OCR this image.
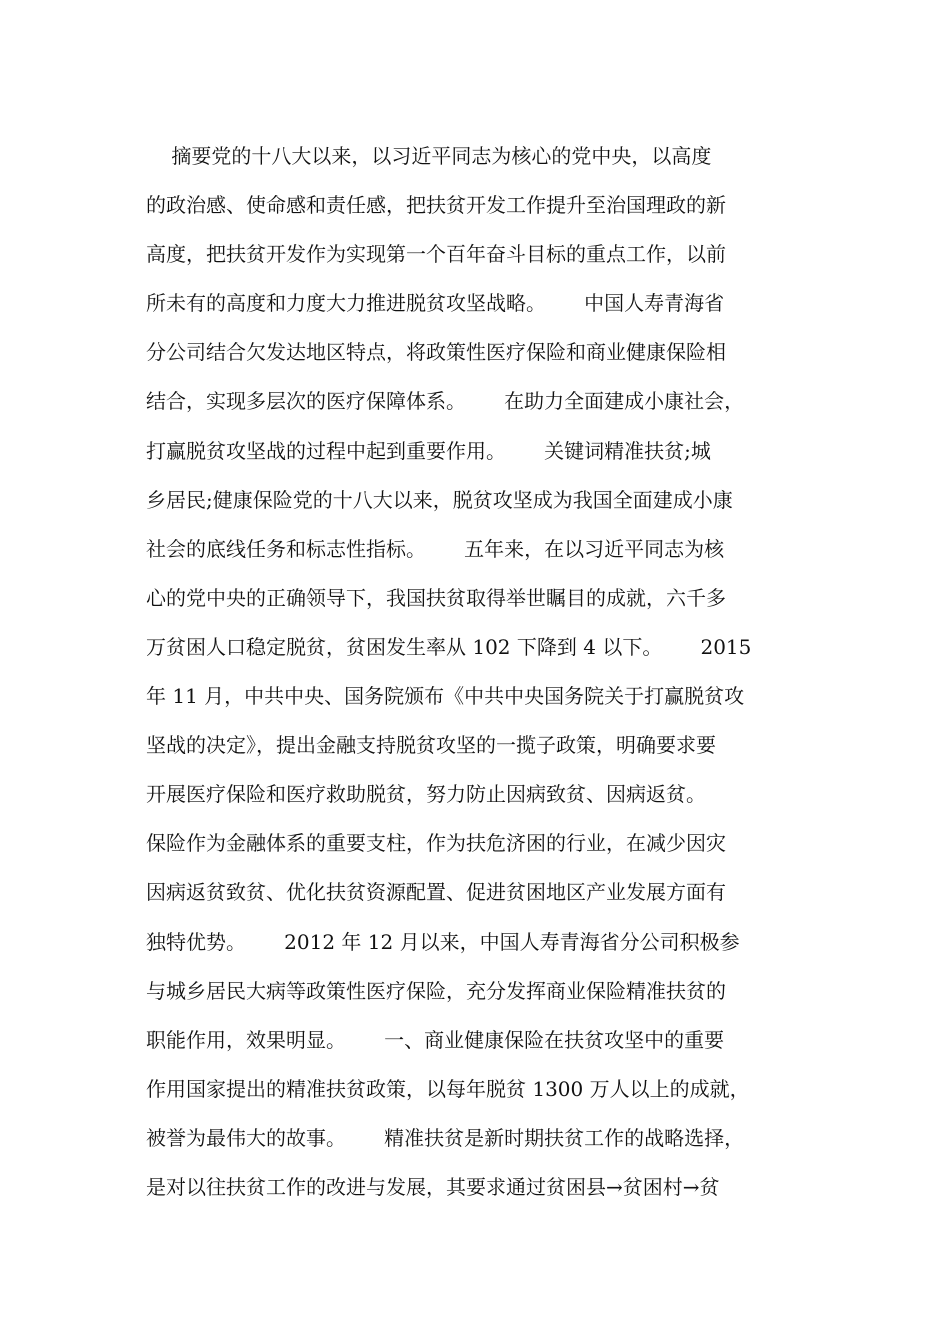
摘要党的十八大以来，以习近平同志为核心的党中央，以高度
的政治感、使命感和责任感，把扶贫开发工作提升至治国理政的新
高度，把扶贫开发作为实现第一个百年奋斗目标的重点工作，以前
所未有的高度和力度大力推进脱贫攻坚战略。      中国人寿青海省
分公司结合欠发达地区特点，将政策性医疗保险和商业健康保险相
结合，实现多层次的医疗保障体系。      在助力全面建成小康社会，
打赢脱贫攻坚战的过程中起到重要作用。      关键词精准扶贫;城
乡居民;健康保险党的十八大以来，脱贫攻坚成为我国全面建成小康
社会的底线任务和标志性指标。      五年来，在以习近平同志为核
心的党中央的正确领导下，我国扶贫取得举世瞩目的成就，六千多
万贫困人口稳定脱贫，贫困发生率从 102 下降到 4 以下。      2015
年 11 月，中共中央、国务院颁布《中共中央国务院关于打赢脱贫攻
坚战的决定》，提出金融支持脱贫攻坚的一揽子政策，明确要求要
开展医疗保险和医疗救助脱贫，努力防止因病致贫、因病返贫。
保险作为金融体系的重要支柱，作为扶危济困的行业，在减少因灾
因病返贫致贫、优化扶贫资源配置、促进贫困地区产业发展方面有
独特优势。      2012 年 12 月以来，中国人寿青海省分公司积极参
与城乡居民大病等政策性医疗保险，充分发挥商业保险精准扶贫的
职能作用，效果明显。      一、商业健康保险在扶贫攻坚中的重要
作用国家提出的精准扶贫政策，以每年脱贫 1300 万人以上的成就，
被誉为最伟大的故事。      精准扶贫是新时期扶贫工作的战略选择，
是对以往扶贫工作的改进与发展，其要求通过贫困县→贫困村→贫
